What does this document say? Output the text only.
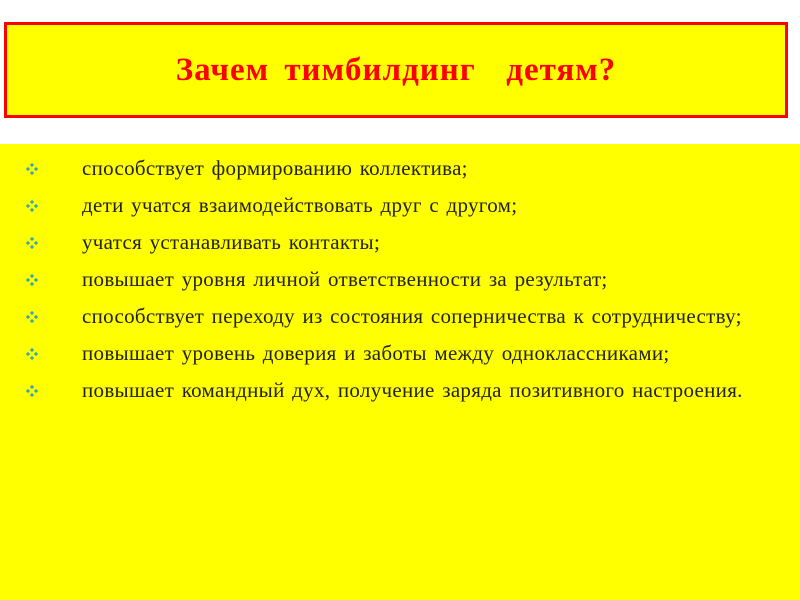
Зачем тимбилдинг  детям?
способствует формированию коллектива;
дети учатся взаимодействовать друг с другом;
учатся устанавливать контакты;
повышает уровня личной ответственности за результат;
способствует переходу из состояния соперничества к сотрудничеству;
повышает уровень доверия и заботы между одноклассниками;
повышает командный дух, получение заряда позитивного настроения.
